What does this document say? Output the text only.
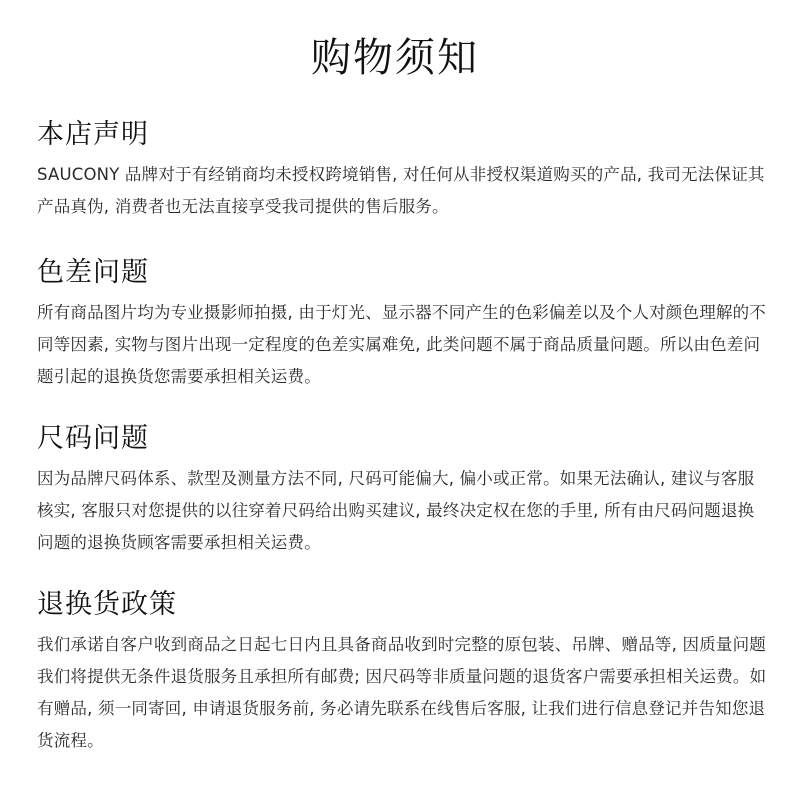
购物须知
本店声明

SAUCONY 品牌对于有经销商均未授权跨境销售, 对任何从非授权渠道购买的产品, 我司无法保证其产品真伪, 消费者也无法直接享受我司提供的售后服务。

色差问题

所有商品图片均为专业摄影师拍摄, 由于灯光、显示器不同产生的色彩偏差以及个人对颜色理解的不同等因素, 实物与图片出现一定程度的色差实属难免, 此类问题不属于商品质量问题。所以由色差问题引起的退换货您需要承担相关运费。

尺码问题

因为品牌尺码体系、款型及测量方法不同, 尺码可能偏大, 偏小或正常。如果无法确认, 建议与客服核实, 客服只对您提供的以往穿着尺码给出购买建议, 最终决定权在您的手里, 所有由尺码问题退换问题的退换货顾客需要承担相关运费。

退换货政策

我们承诺自客户收到商品之日起七日内且具备商品收到时完整的原包装、吊牌、赠品等, 因质量问题我们将提供无条件退货服务且承担所有邮费; 因尺码等非质量问题的退货客户需要承担相关运费。如有赠品, 须一同寄回, 申请退货服务前, 务必请先联系在线售后客服, 让我们进行信息登记并告知您退货流程。
